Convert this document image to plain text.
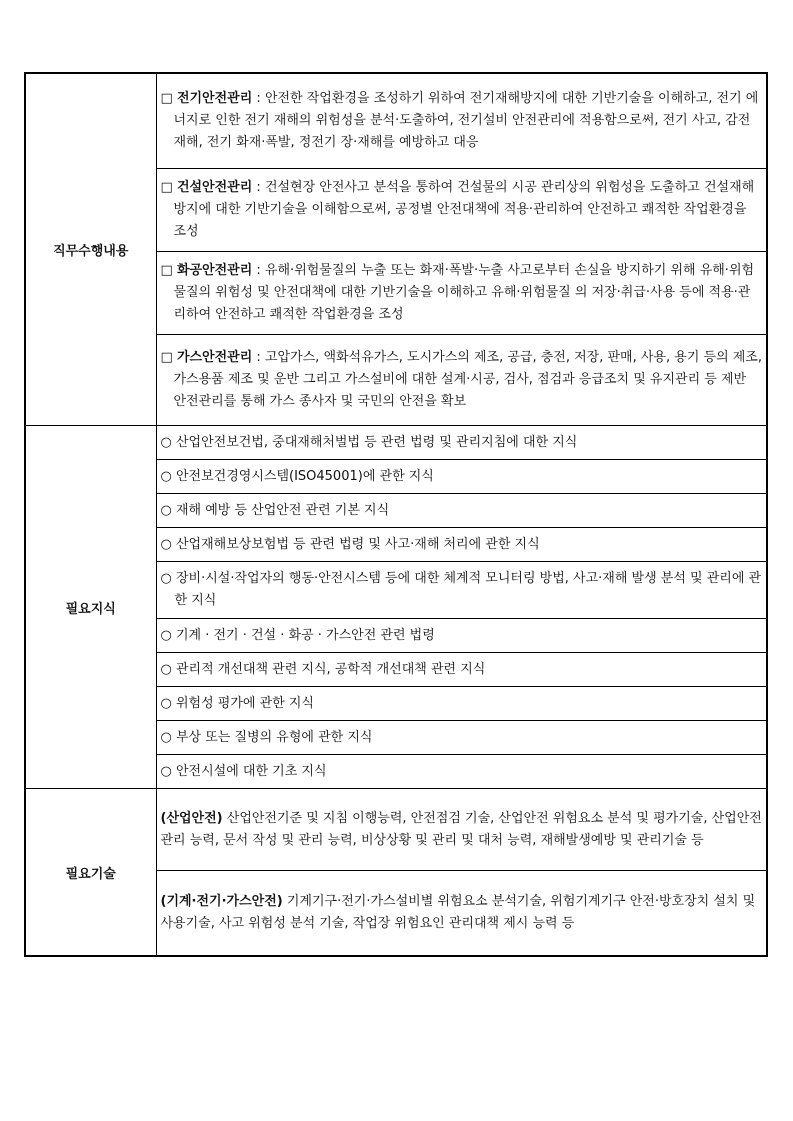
직무수행내용	□ 전기안전관리 : 안전한 작업환경을 조성하기 위하여 전기재해방지에 대한 기반기술을 이해하고, 전기 에너지로 인한 전기 재해의 위험성을 분석·도출하여, 전기설비 안전관리에 적용함으로써, 전기 사고, 감전 재해, 전기 화재·폭발, 정전기 장·재해를 예방하고 대응

	□ 건설안전관리 : 건설현장 안전사고 분석을 통하여 건설물의 시공 관리상의 위험성을 도출하고 건설재해방지에 대한 기반기술을 이해함으로써, 공정별 안전대책에 적용·관리하여 안전하고 쾌적한 작업환경을 조성

	□ 화공안전관리 : 유해·위험물질의 누출 또는 화재·폭발·누출 사고로부터 손실을 방지하기 위해 유해·위험 물질의 위험성 및 안전대책에 대한 기반기술을 이해하고 유해·위험물질 의 저장·취급·사용 등에 적용·관리하여 안전하고 쾌적한 작업환경을 조성

	□ 가스안전관리 : 고압가스, 액화석유가스, 도시가스의 제조, 공급, 충전, 저장, 판매, 사용, 용기 등의 제조, 가스용품 제조 및 운반 그리고 가스설비에 대한 설계·시공, 검사, 점검과 응급조치 및 유지관리 등 제반 안전관리를 통해 가스 종사자 및 국민의 안전을 확보

필요지식	○ 산업안전보건법, 중대재해처벌법 등 관련 법령 및 관리지침에 대한 지식

	○ 안전보건경영시스템(ISO45001)에 관한 지식

	○ 재해 예방 등 산업안전 관련 기본 지식

	○ 산업재해보상보험법 등 관련 법령 및 사고·재해 처리에 관한 지식

	○ 장비·시설·작업자의 행동·안전시스템 등에 대한 체계적 모니터링 방법, 사고·재해 발생 분석 및 관리에 관한 지식

	○ 기계 · 전기 · 건설 · 화공 · 가스안전 관련 법령

	○ 관리적 개선대책 관련 지식, 공학적 개선대책 관련 지식

	○ 위험성 평가에 관한 지식

	○ 부상 또는 질병의 유형에 관한 지식

	○ 안전시설에 대한 기초 지식

필요기술	(산업안전) 산업안전기준 및 지침 이행능력, 안전점검 기술, 산업안전 위험요소 분석 및 평가기술, 산업안전 관리 능력, 문서 작성 및 관리 능력, 비상상황 및 관리 및 대처 능력, 재해발생예방 및 관리기술 등

	(기계·전기·가스안전) 기계기구·전기·가스설비별 위험요소 분석기술, 위험기계기구 안전·방호장치 설치 및 사용기술, 사고 위험성 분석 기술, 작업장 위험요인 관리대책 제시 능력 등
